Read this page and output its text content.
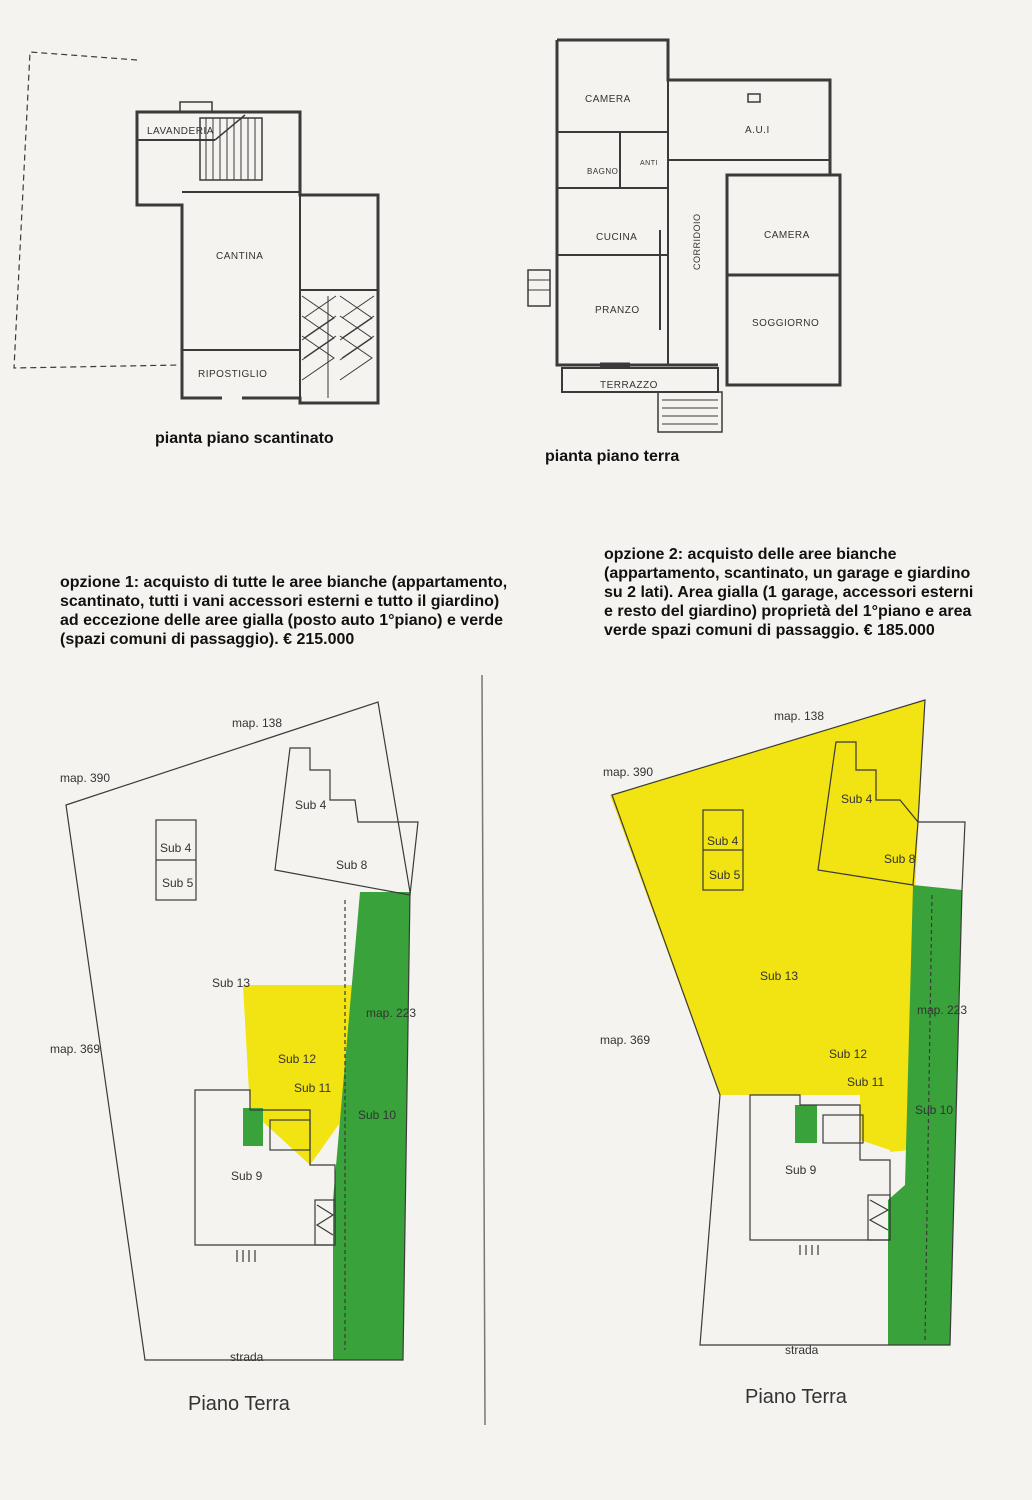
LAVANDERIA
CANTINA
RIPOSTIGLIO
CAMERA
A.U.I
BAGNO
ANTI
CUCINA	CORRIDOIO	CAMERA
PRANZO
SOGGIORNO
TERRAZZO
map. 138
map. 390
map. 369
map. 223
Sub 4
Sub 4
Sub 5
Sub 8
Sub 13
Sub 12
Sub 11
Sub 10
Sub 9
strada
map. 138
map. 390
map. 369
map. 223
Sub 4
Sub 4
Sub 5
Sub 8
Sub 13
Sub 12
Sub 11
Sub 10
Sub 9
strada

pianta piano scantinato

pianta piano terra

opzione 1: acquisto di tutte le aree bianche (appartamento, scantinato, tutti i vani accessori esterni e tutto il giardino) ad eccezione delle aree gialla (posto auto 1°piano) e verde (spazi comuni di passaggio). € 215.000

opzione 2: acquisto delle aree bianche (appartamento, scantinato, un garage e giardino su 2 lati). Area gialla (1 garage, accessori esterni e resto del giardino) proprietà del 1°piano e area verde spazi comuni di passaggio. € 185.000

Piano Terra	Piano Terra
